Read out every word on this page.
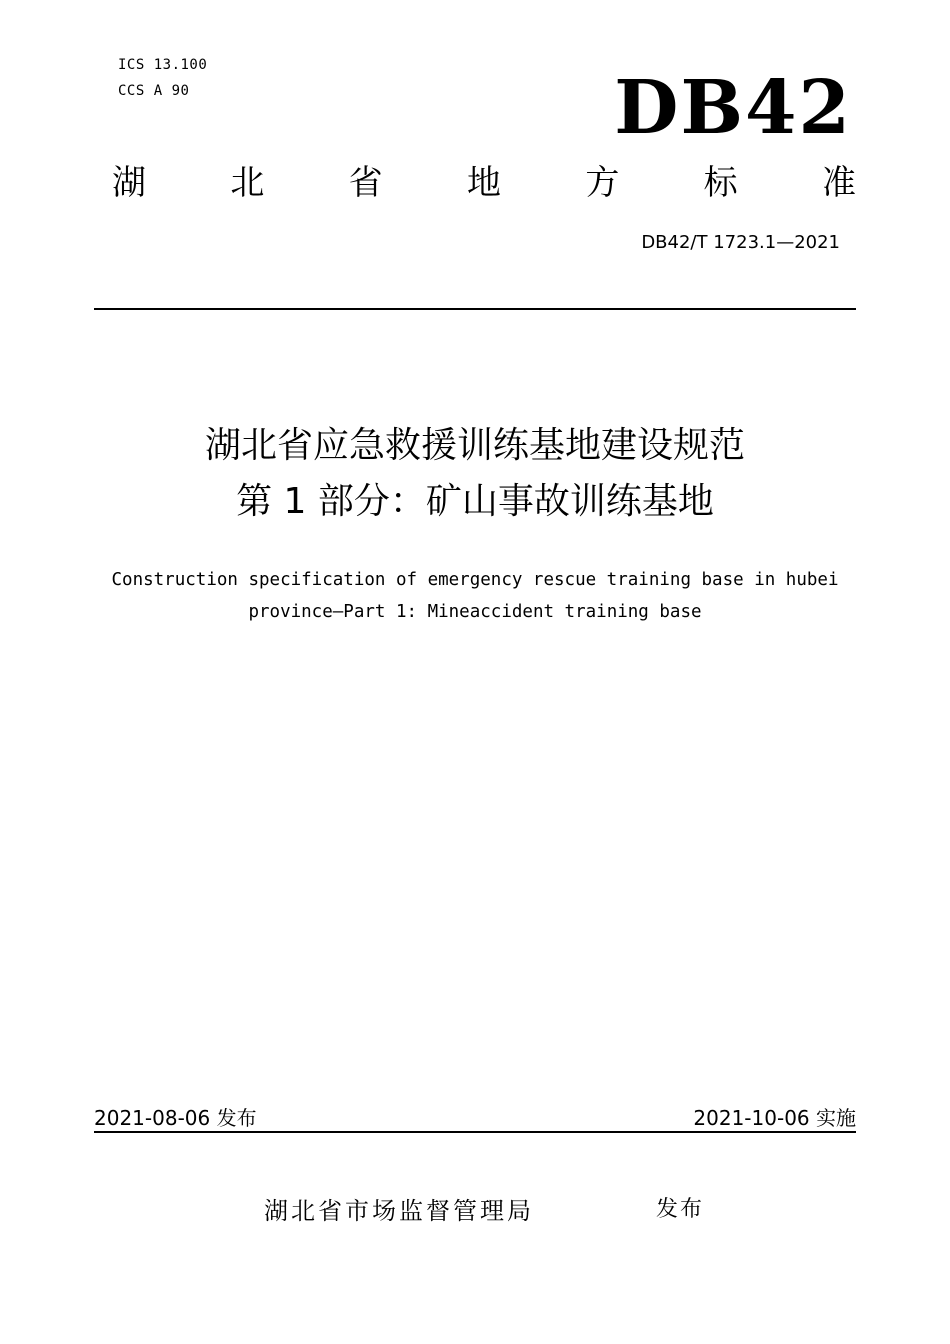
ICS 13.100
CCS A 90	DB42
湖 北 省 地 方 标 准
DB42/T 1723.1—2021
湖北省应急救援训练基地建设规范
第 1 部分：矿山事故训练基地
Construction specification of emergency rescue training base in hubei
province—Part 1: Mineaccident training base
2021-08-06 发布	2021-10-06 实施
湖北省市场监督管理局	发布
